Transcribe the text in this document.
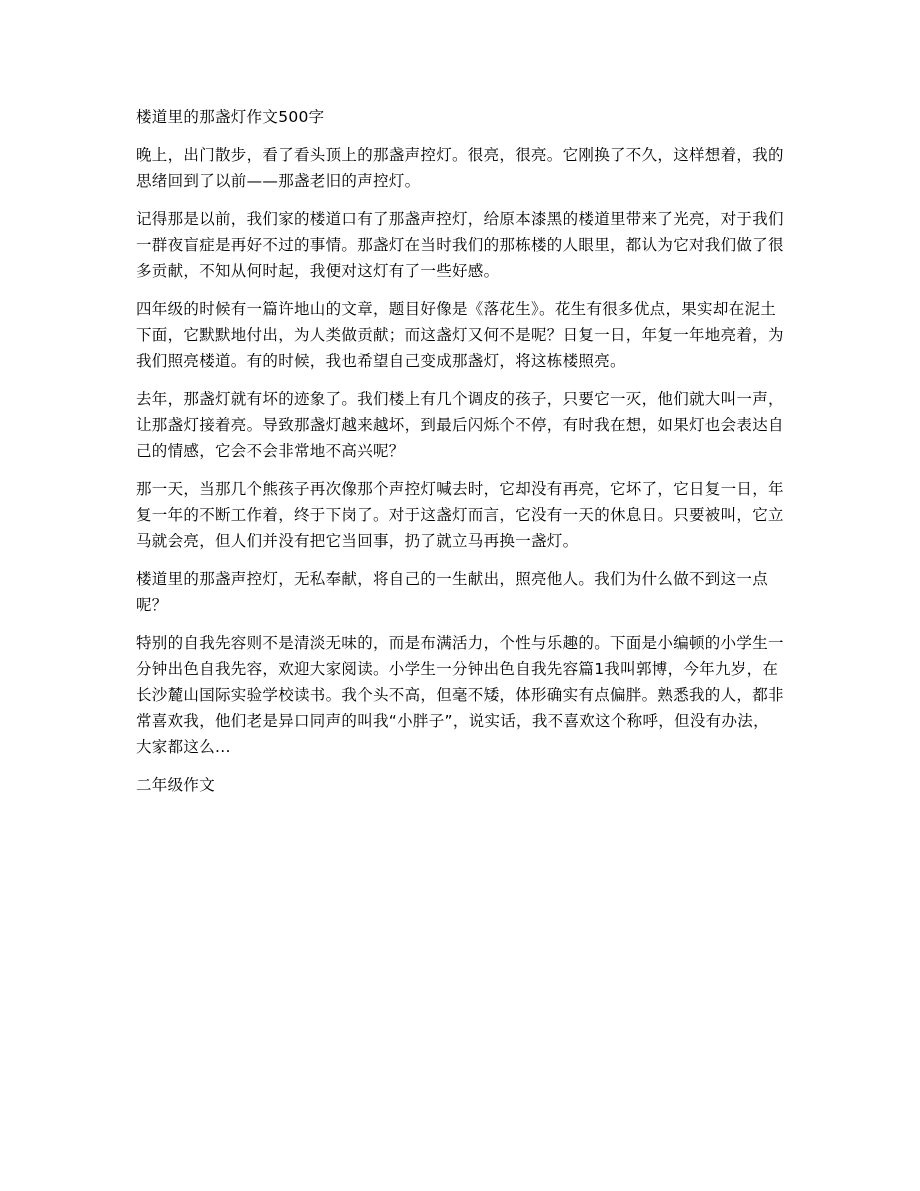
楼道里的那盏灯作文500字

晚上，出门散步，看了看头顶上的那盏声控灯。很亮，很亮。它刚换了不久，这样想着，我的思绪回到了以前——那盏老旧的声控灯。

记得那是以前，我们家的楼道口有了那盏声控灯，给原本漆黑的楼道里带来了光亮，对于我们一群夜盲症是再好不过的事情。那盏灯在当时我们的那栋楼的人眼里，都认为它对我们做了很多贡献，不知从何时起，我便对这灯有了一些好感。

四年级的时候有一篇许地山的文章，题目好像是《落花生》。花生有很多优点，果实却在泥土下面，它默默地付出，为人类做贡献；而这盏灯又何不是呢？日复一日，年复一年地亮着，为我们照亮楼道。有的时候，我也希望自己变成那盏灯，将这栋楼照亮。

去年，那盏灯就有坏的迹象了。我们楼上有几个调皮的孩子，只要它一灭，他们就大叫一声，让那盏灯接着亮。导致那盏灯越来越坏，到最后闪烁个不停，有时我在想，如果灯也会表达自己的情感，它会不会非常地不高兴呢？

那一天，当那几个熊孩子再次像那个声控灯喊去时，它却没有再亮，它坏了，它日复一日，年复一年的不断工作着，终于下岗了。对于这盏灯而言，它没有一天的休息日。只要被叫，它立马就会亮，但人们并没有把它当回事，扔了就立马再换一盏灯。

楼道里的那盏声控灯，无私奉献，将自己的一生献出，照亮他人。我们为什么做不到这一点呢？

特别的自我先容则不是清淡无味的，而是布满活力，个性与乐趣的。下面是小编顿的小学生一分钟出色自我先容，欢迎大家阅读。小学生一分钟出色自我先容篇1我叫郭博，今年九岁，在长沙麓山国际实验学校读书。我个头不高，但毫不矮，体形确实有点偏胖。熟悉我的人，都非常喜欢我，他们老是异口同声的叫我“小胖子”，说实话，我不喜欢这个称呼，但没有办法，大家都这么...

二年级作文
